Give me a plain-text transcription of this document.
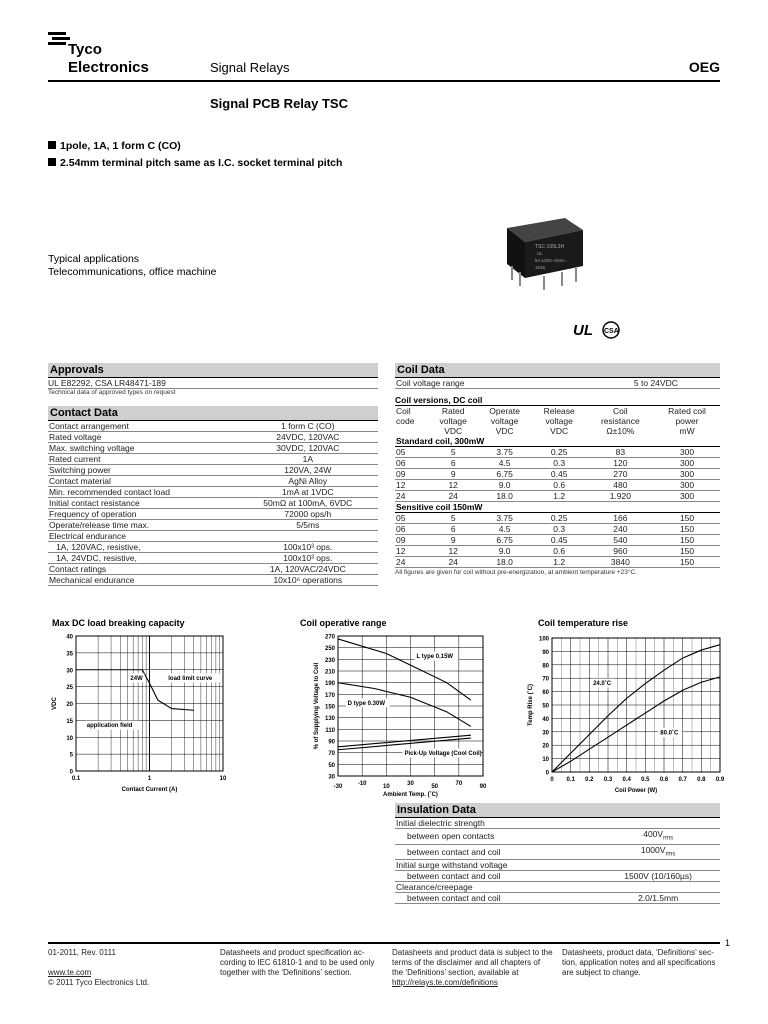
Tyco
Electronics	Signal Relays	OEG
Signal PCB Relay TSC
1pole, 1A, 1 form C (CO)
2.54mm terminal pitch same as I.C. socket terminal pitch
Typical applications
Telecommunications, office machine
TSC-105L3H
UL
5A 120V~/24V=
1016
UL CSA
Approvals
UL E82292, CSA LR48471-189
Technical data of approved types on request
Contact Data
Contact arrangement	1 form C (CO)
Rated voltage	24VDC, 120VAC
Max. switching voltage	30VDC, 120VAC
Rated current	1A
Switching power	120VA, 24W
Contact material	AgNi Alloy
Min. recommended contact load	1mA at 1VDC
Initial contact resistance	50mΩ at 100mA, 6VDC
Frequency of operation	72000 ops/h
Operate/release time max.	5/5ms
Electrical endurance	
1A, 120VAC, resistive,	100x10³ ops.
1A, 24VDC, resistive,	100x10³ ops.
Contact ratings	1A, 120VAC/24VDC
Mechanical endurance	10x10⁶ operations
Coil Data
Coil voltage range	5 to 24VDC
Coil versions, DC coil
Coil	Rated	Operate	Release	Coil	Rated coil
code	voltage	voltage	voltage	resistance	power
	VDC	VDC	VDC	Ω±10%	mW
Standard coil, 300mW					
05	5	3.75	0.25	83	300
06	6	4.5	0.3	120	300
09	9	6.75	0.45	270	300
12	12	9.0	0.6	480	300
24	24	18.0	1.2	1.920	300
Sensitive coil 150mW					
05	5	3.75	0.25	166	150
06	6	4.5	0.3	240	150
09	9	6.75	0.45	540	150
12	12	9.0	0.6	960	150
24	24	18.0	1.2	3840	150
All figures are given for coil without pre-energization, at ambient temperature +23°C.
Max DC load breaking capacity
0
5
10
15
20
25
30
35
40
0.1	1	10
Contact Current (A)
VDC
24W	load limit curve
application field
Coil operative range
30
50
70
90
110
130
150
170
190
210
230
250
270
-30	-10	10	30	50	70	90
Ambient Temp. (˚C)
% of Supplying Voltage to Coil
L type 0.15W
D type 0.30W
Pick-Up Voltage (Cool Coil)
Coil temperature rise
0
10
20
30
40
50
60
70
80
90
100
0 0.1 0.2 0.3 0.4 0.5 0.6 0.7 0.8 0.9
Coil Power (W)
Temp Rise (˚C)
24.0˚C
80.0˚C
Insulation Data
Initial dielectric strength	
between open contacts	$400V_{rms}$
between contact and coil	$1000V_{rms}$
Initial surge withstand voltage	
between contact and coil	1500V (10/160µs)
Clearance/creepage	
between contact and coil	2.0/1.5mm
1
01-2011, Rev. 0111
www.te.com
© 2011 Tyco Electronics Ltd.
Datasheets and product specification ac-
cording to IEC 61810-1 and to be used only
together with the ‘Definitions’ section.
Datasheets and product data is subject to the
terms of the disclaimer and all chapters of
the ‘Definitions’ section, available at
http://relays.te.com/definitions
Datasheets, product data, ‘Definitions’ sec-
tion, application notes and all specifications
are subject to change.
